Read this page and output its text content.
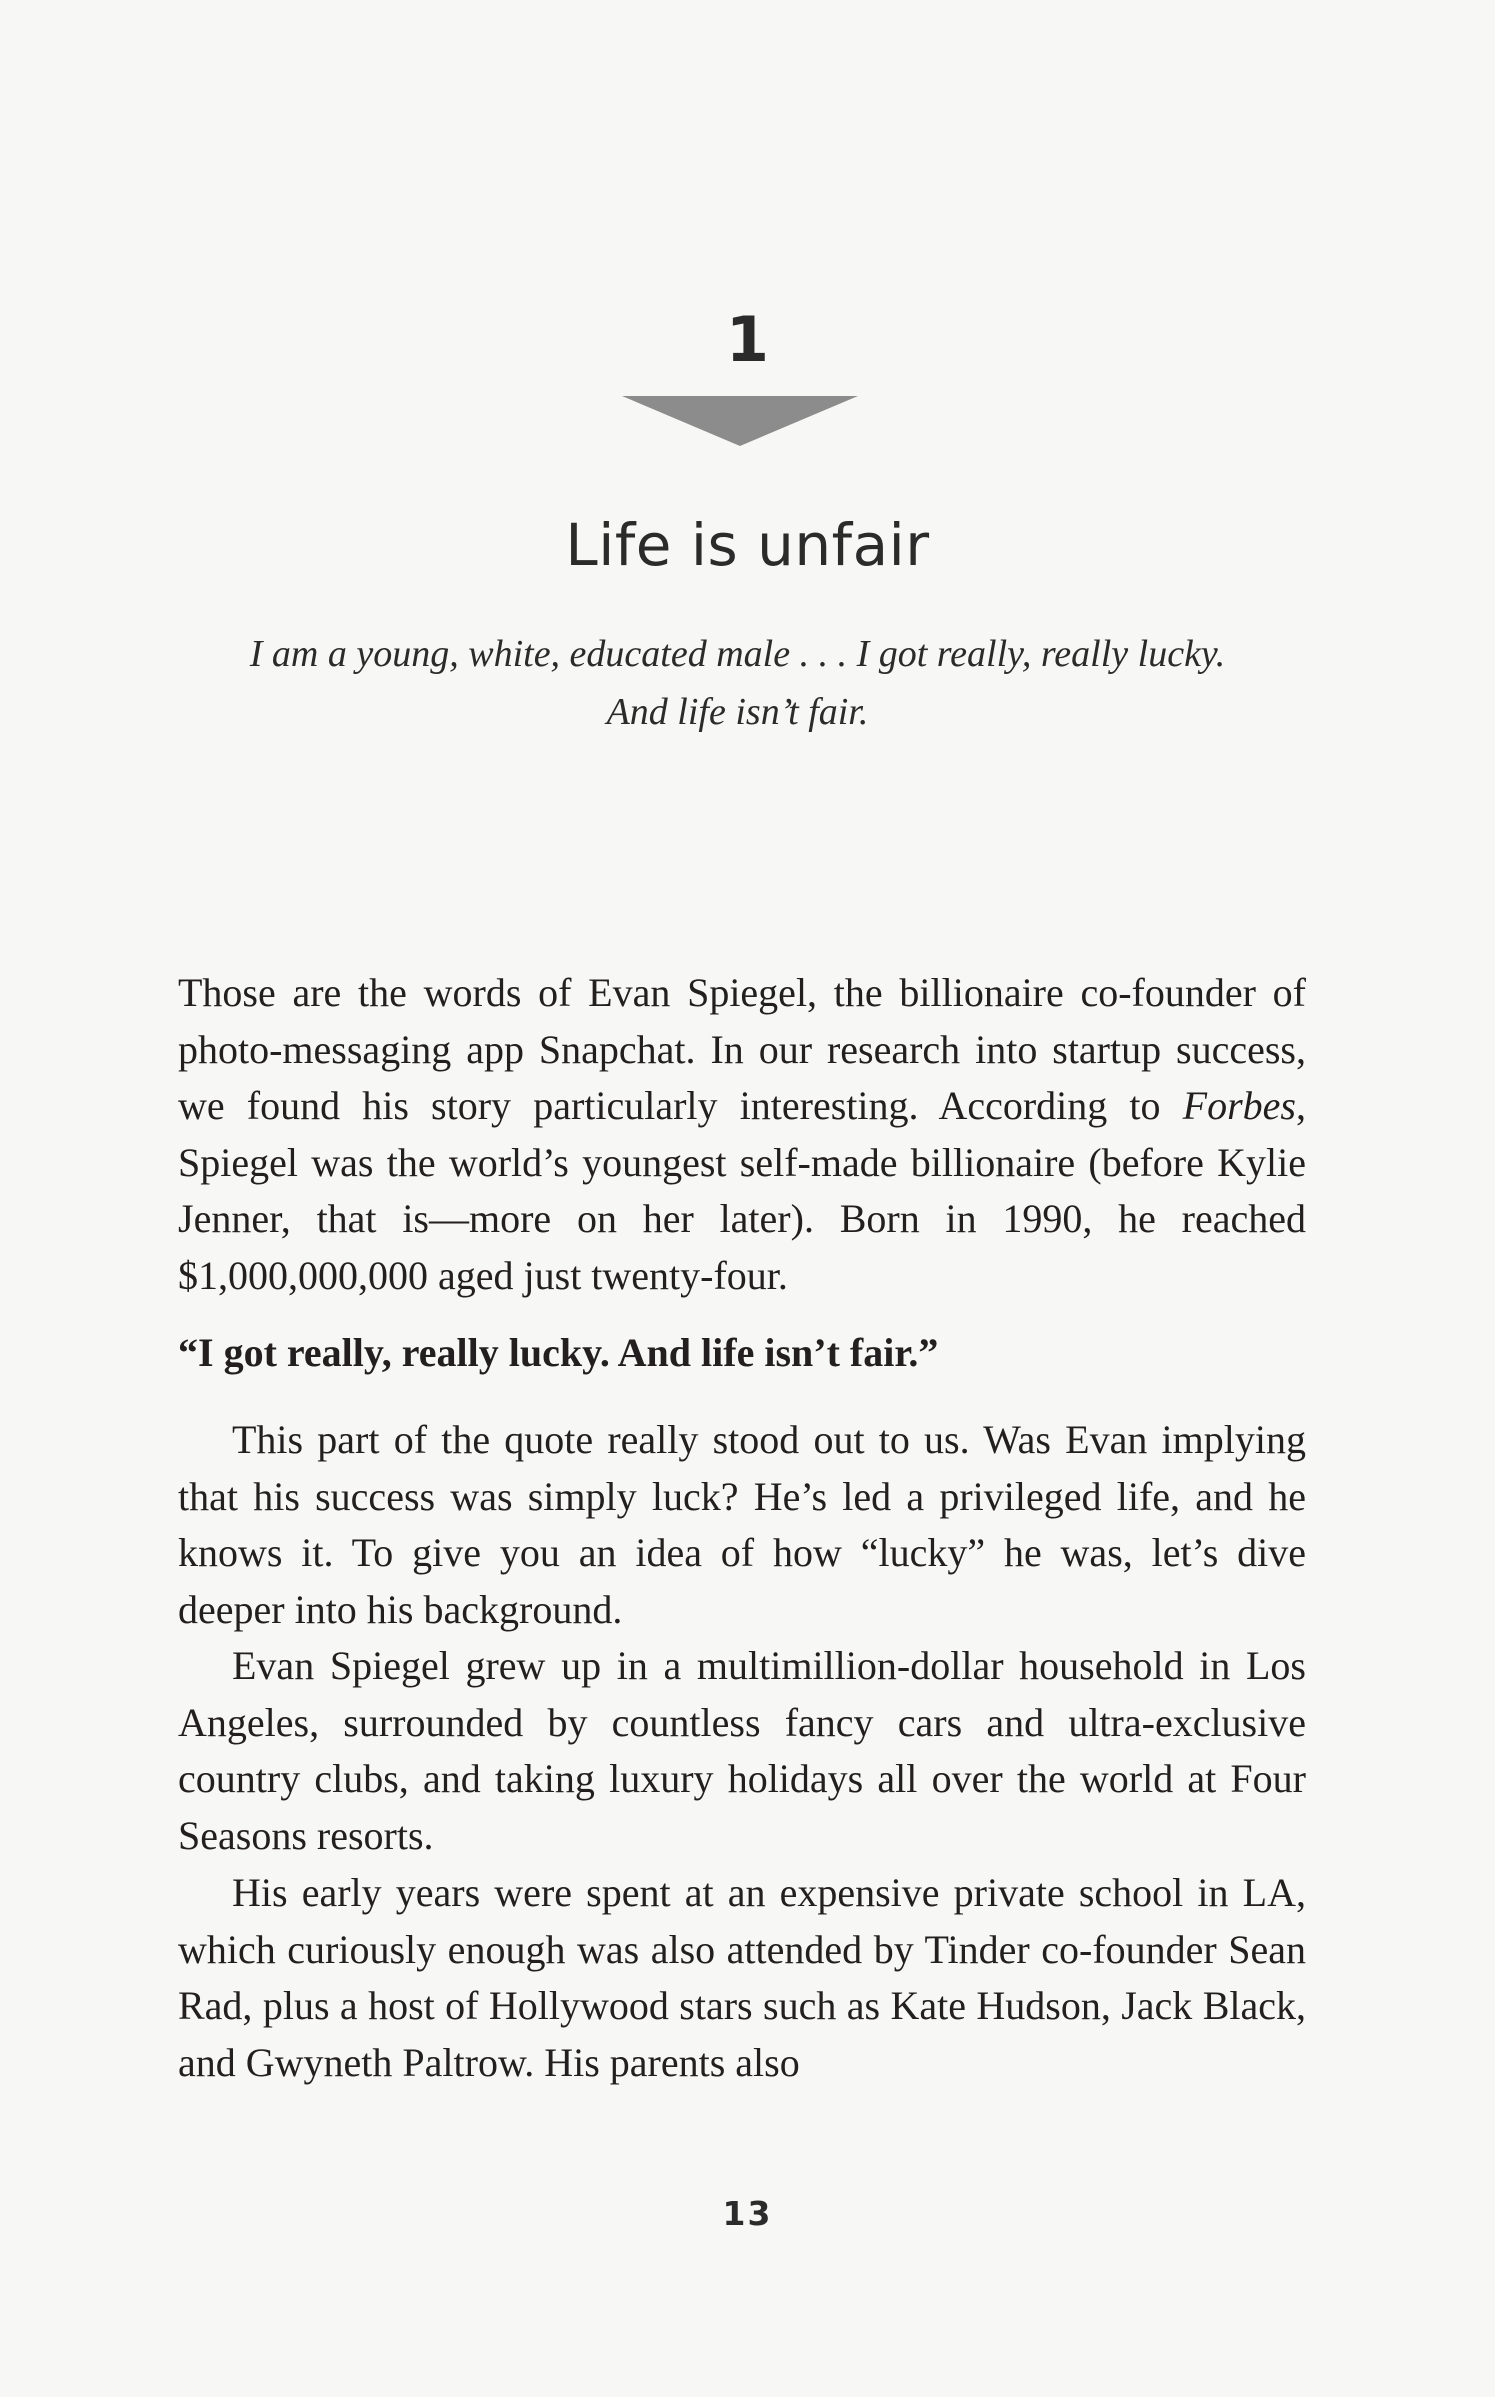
1
Life is unfair
I am a young, white, educated male . . . I got really, really lucky.
And life isn’t fair.

Those are the words of Evan Spiegel, the billionaire co-founder of photo-messaging app Snapchat. In our research into startup success, we found his story particularly interesting. According to Forbes, Spiegel was the world’s youngest self-made billionaire (before Kylie Jenner, that is—more on her later). Born in 1990, he reached $1,000,000,000 aged just twenty-four.

“I got really, really lucky. And life isn’t fair.”

This part of the quote really stood out to us. Was Evan implying that his success was simply luck? He’s led a privileged life, and he knows it. To give you an idea of how “lucky” he was, let’s dive deeper into his background.

Evan Spiegel grew up in a multimillion-dollar household in Los Angeles, surrounded by countless fancy cars and ultra-exclusive country clubs, and taking luxury holidays all over the world at Four Seasons resorts.

His early years were spent at an expensive private school in LA, which curiously enough was also attended by Tinder co-founder Sean Rad, plus a host of Hollywood stars such as Kate Hudson, Jack Black, and Gwyneth Paltrow. His parents also

13
